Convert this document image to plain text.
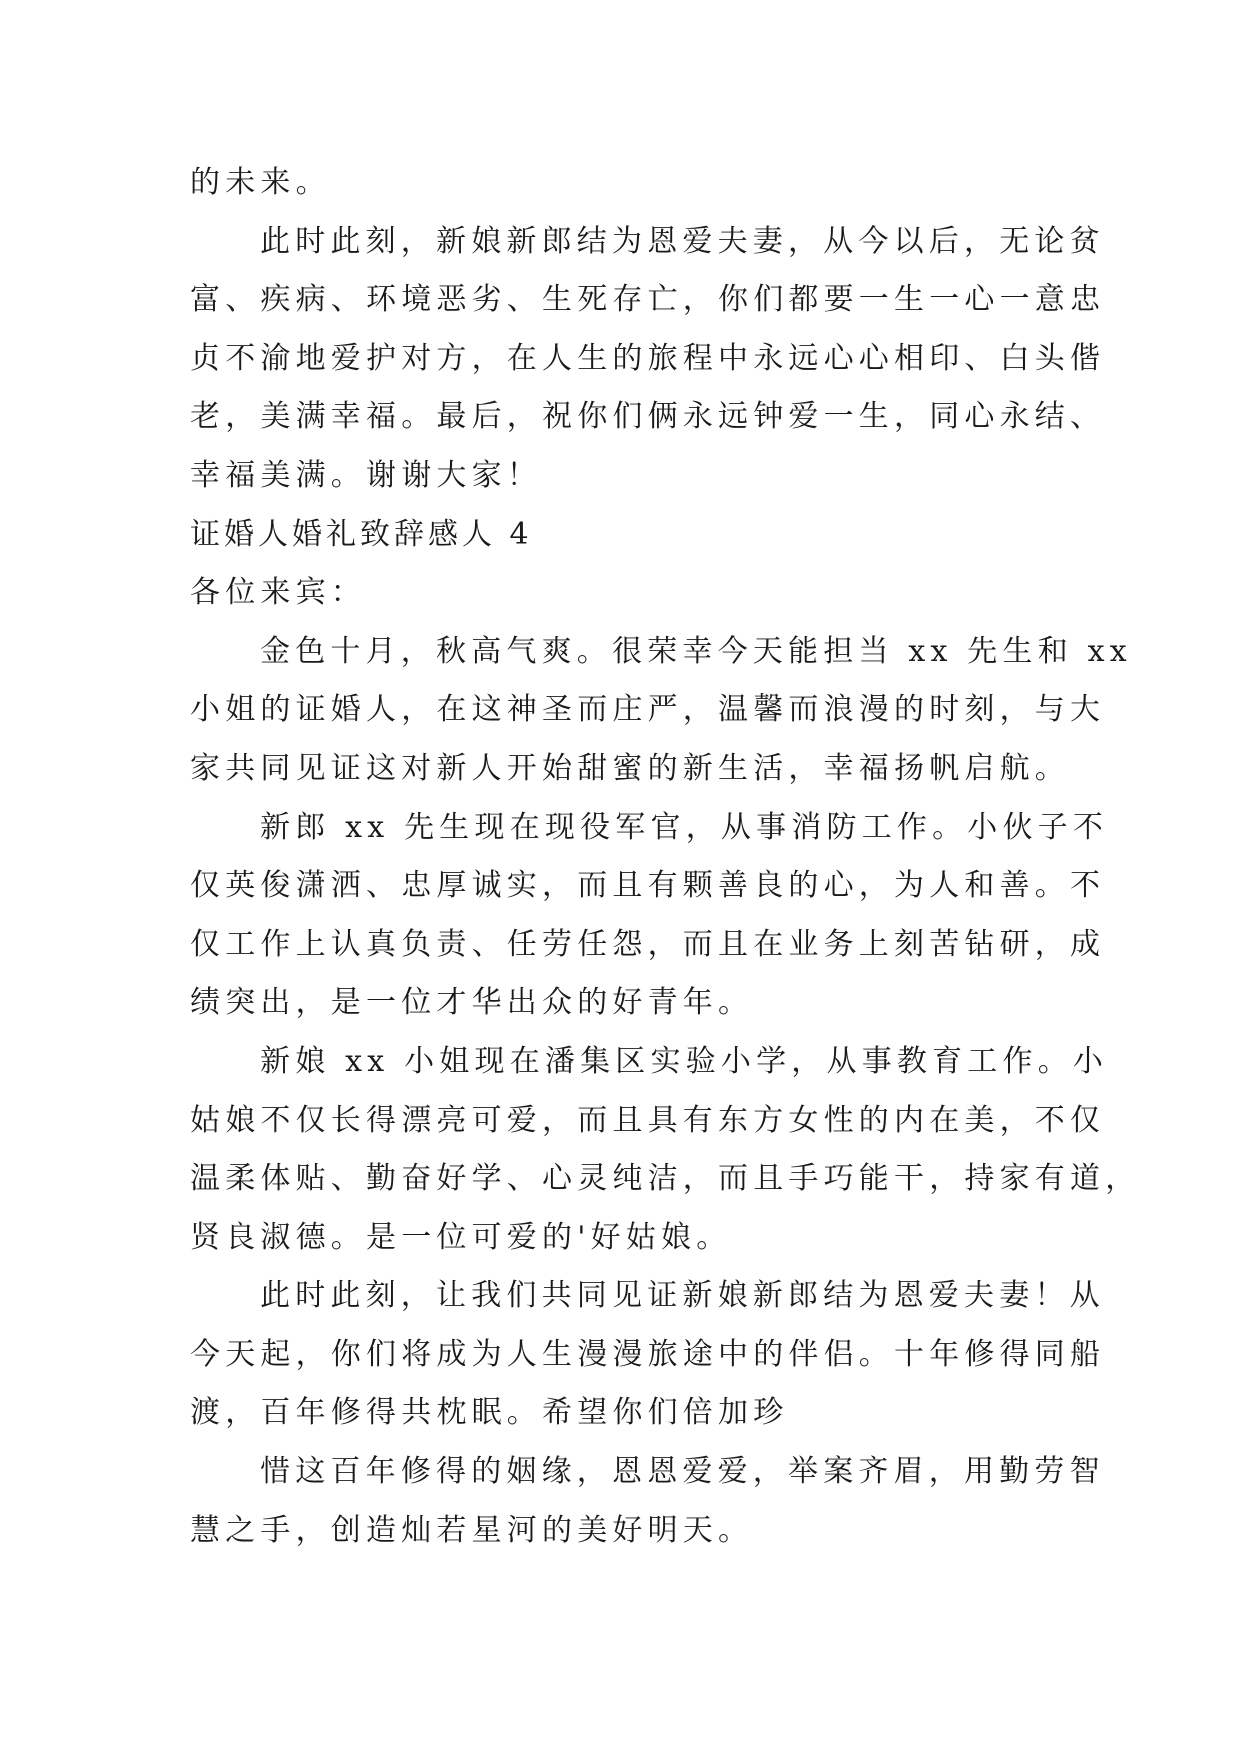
的未来。
此时此刻，新娘新郎结为恩爱夫妻，从今以后，无论贫
富、疾病、环境恶劣、生死存亡，你们都要一生一心一意忠
贞不渝地爱护对方，在人生的旅程中永远心心相印、白头偕
老，美满幸福。最后，祝你们俩永远钟爱一生，同心永结、
幸福美满。谢谢大家！
证婚人婚礼致辞感人 4
各位来宾：
金色十月，秋高气爽。很荣幸今天能担当 xx 先生和 xx
小姐的证婚人，在这神圣而庄严，温馨而浪漫的时刻，与大
家共同见证这对新人开始甜蜜的新生活，幸福扬帆启航。
新郎 xx 先生现在现役军官，从事消防工作。小伙子不
仅英俊潇洒、忠厚诚实，而且有颗善良的心，为人和善。不
仅工作上认真负责、任劳任怨，而且在业务上刻苦钻研，成
绩突出，是一位才华出众的好青年。
新娘 xx 小姐现在潘集区实验小学，从事教育工作。小
姑娘不仅长得漂亮可爱，而且具有东方女性的内在美，不仅
温柔体贴、勤奋好学、心灵纯洁，而且手巧能干，持家有道，
贤良淑德。是一位可爱的'好姑娘。
此时此刻，让我们共同见证新娘新郎结为恩爱夫妻！从
今天起，你们将成为人生漫漫旅途中的伴侣。十年修得同船
渡，百年修得共枕眠。希望你们倍加珍
惜这百年修得的姻缘，恩恩爱爱，举案齐眉，用勤劳智
慧之手，创造灿若星河的美好明天。
